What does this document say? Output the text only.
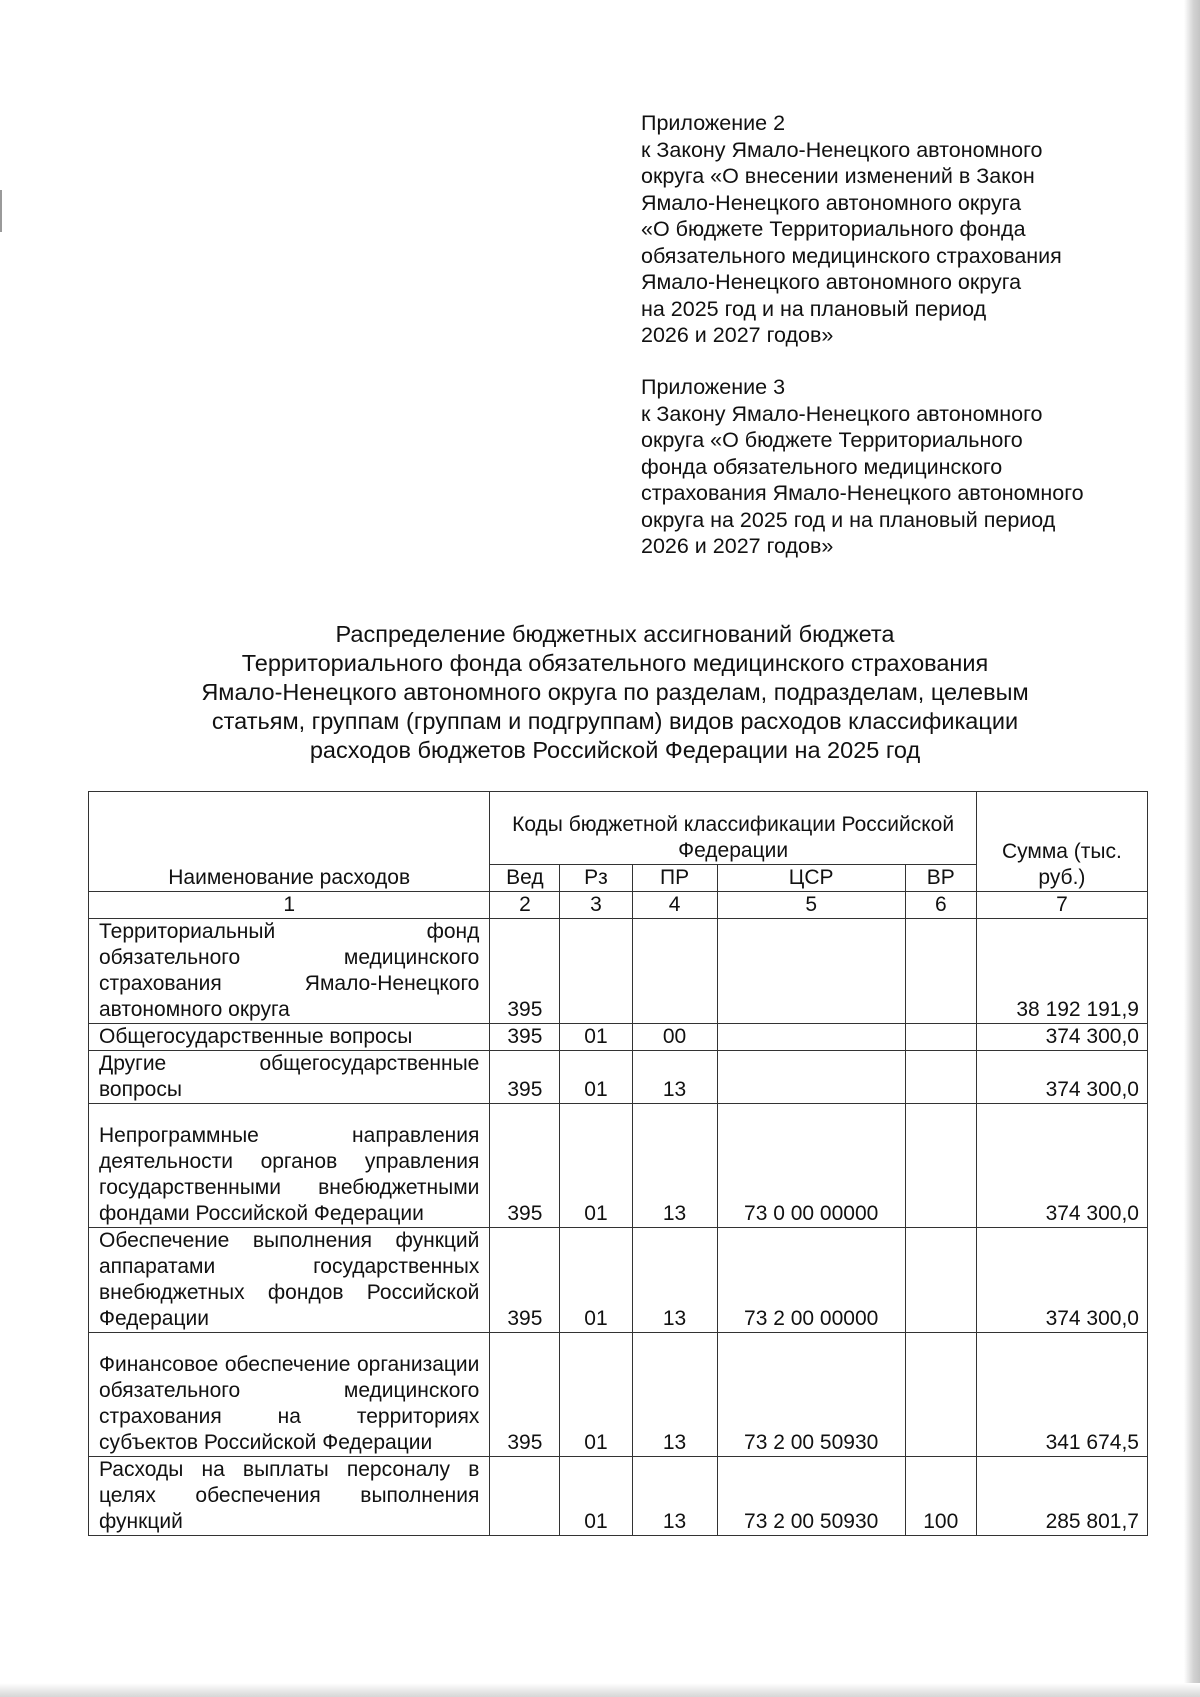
Приложение 2
к Закону Ямало-Ненецкого автономного
округа «О внесении изменений в Закон
Ямало-Ненецкого автономного округа
«О бюджете Территориального фонда
обязательного медицинского страхования
Ямало-Ненецкого автономного округа
на 2025 год и на плановый период
2026 и 2027 годов»
Приложение 3
к Закону Ямало-Ненецкого автономного
округа «О бюджете Территориального
фонда обязательного медицинского
страхования Ямало-Ненецкого автономного
округа на 2025 год и на плановый период
2026 и 2027 годов»
Распределение бюджетных ассигнований бюджета
Территориального фонда обязательного медицинского страхования
Ямало-Ненецкого автономного округа по разделам, подразделам, целевым
статьям, группам (группам и подгруппам) видов расходов классификации
расходов бюджетов Российской Федерации на 2025 год
Наименование расходов	Коды бюджетной классификации Российской Федерации					Сумма (тыс. руб.)
	Вед	Рз	ПР	ЦСР	ВР	
1	2	3	4	5	6	7
Территориальный фонд обязательного медицинского страхования Ямало-Ненецкого автономного округа	395					38 192 191,9
Общегосударственные вопросы	395	01	00			374 300,0
Другие общегосударственные вопросы	395	01	13			374 300,0
Непрограммные направления деятельности органов управления государственными внебюджетными фондами Российской Федерации	395	01	13	73 0 00 00000		374 300,0
Обеспечение выполнения функций аппаратами государственных внебюджетных фондов Российской Федерации	395	01	13	73 2 00 00000		374 300,0
Финансовое обеспечение организации обязательного медицинского страхования на территориях субъектов Российской Федерации	395	01	13	73 2 00 50930		341 674,5
Расходы на выплаты персоналу в целях обеспечения выполнения функций		01	13	73 2 00 50930	100	285 801,7
